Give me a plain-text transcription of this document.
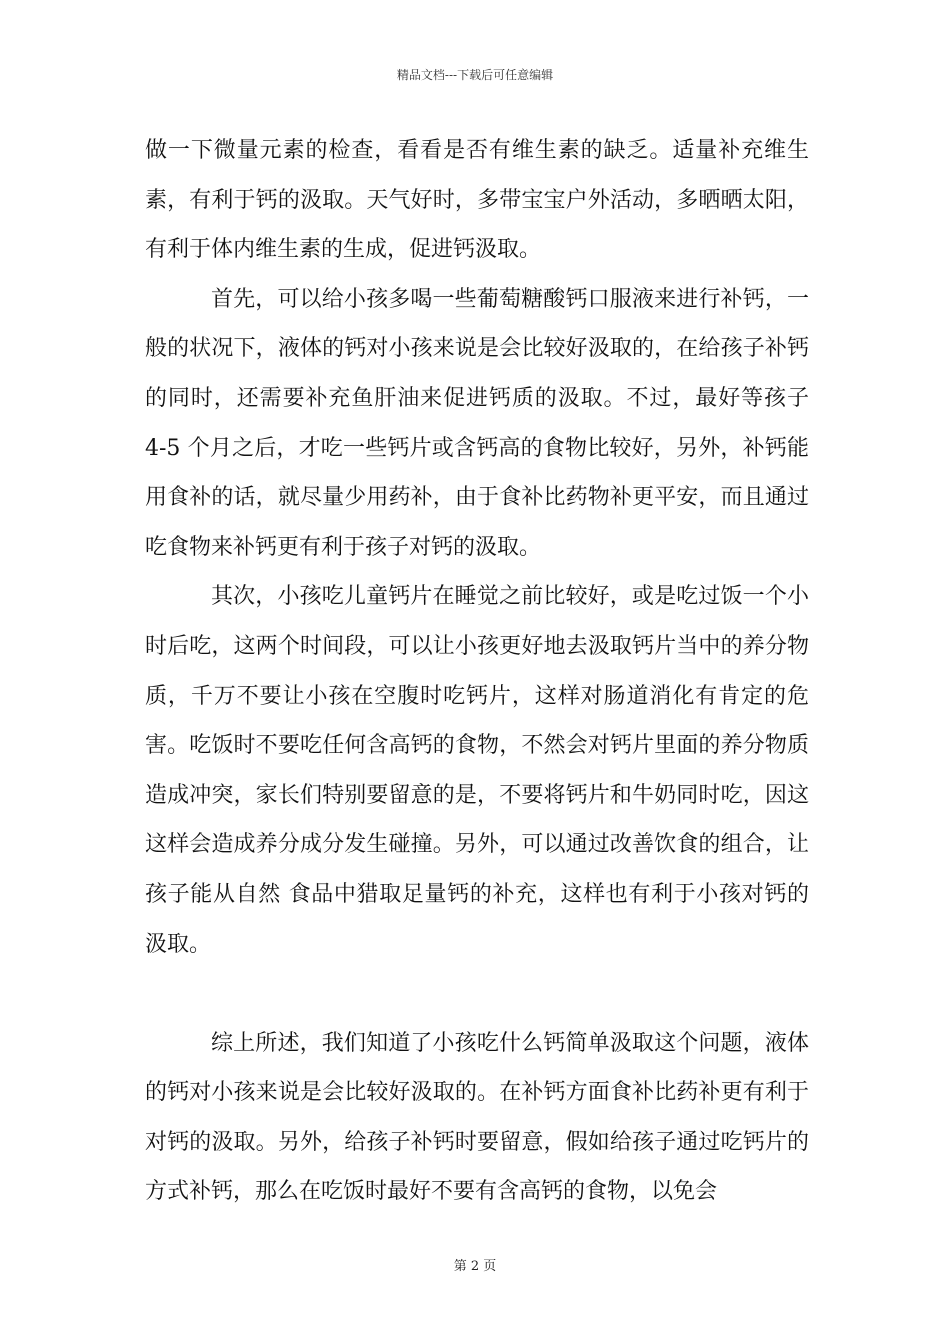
精品文档---下载后可任意编辑

做一下微量元素的检查，看看是否有维生素的缺乏。适量补充维生素，有利于钙的汲取。天气好时，多带宝宝户外活动，多晒晒太阳，有利于体内维生素的生成，促进钙汲取。

首先，可以给小孩多喝一些葡萄糖酸钙口服液来进行补钙，一般的状况下，液体的钙对小孩来说是会比较好汲取的，在给孩子补钙的同时，还需要补充鱼肝油来促进钙质的汲取。不过，最好等孩子 4-5 个月之后，才吃一些钙片或含钙高的食物比较好，另外，补钙能用食补的话，就尽量少用药补，由于食补比药物补更平安，而且通过吃食物来补钙更有利于孩子对钙的汲取。

其次，小孩吃儿童钙片在睡觉之前比较好，或是吃过饭一个小时后吃，这两个时间段，可以让小孩更好地去汲取钙片当中的养分物质，千万不要让小孩在空腹时吃钙片，这样对肠道消化有肯定的危害。吃饭时不要吃任何含高钙的食物，不然会对钙片里面的养分物质造成冲突，家长们特别要留意的是，不要将钙片和牛奶同时吃，因这这样会造成养分成分发生碰撞。另外，可以通过改善饮食的组合，让孩子能从自然 食品中猎取足量钙的补充，这样也有利于小孩对钙的汲取。

综上所述，我们知道了小孩吃什么钙简单汲取这个问题，液体的钙对小孩来说是会比较好汲取的。在补钙方面食补比药补更有利于对钙的汲取。另外，给孩子补钙时要留意，假如给孩子通过吃钙片的方式补钙，那么在吃饭时最好不要有含高钙的食物，以免会

第 2 页
